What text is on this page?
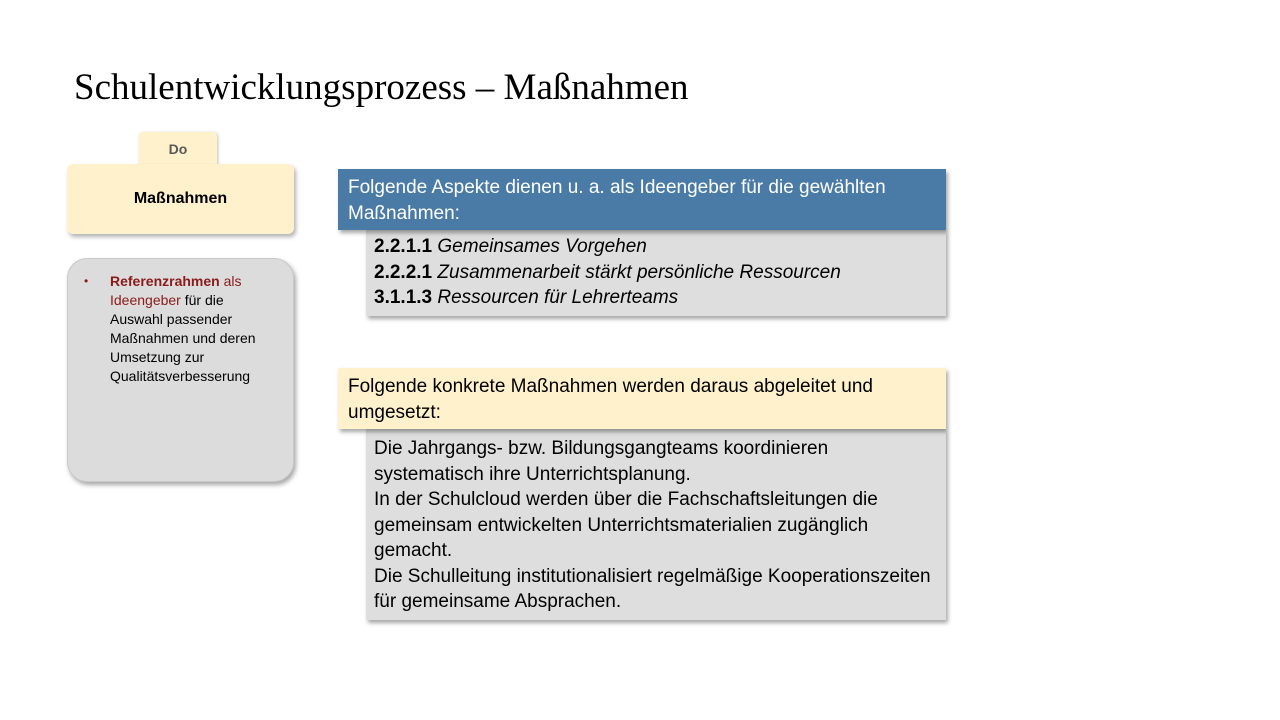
Schulentwicklungsprozess – Maßnahmen
Do
Maßnahmen
•	Referenzrahmen als Ideengeber für die Auswahl passender Maßnahmen und deren Umsetzung zur Qualitätsverbesserung
Folgende Aspekte dienen u. a. als Ideengeber für die gewählten Maßnahmen:
2.2.1.1 Gemeinsames Vorgehen
2.2.2.1 Zusammenarbeit stärkt persönliche Ressourcen
3.1.1.3 Ressourcen für Lehrerteams
Folgende konkrete Maßnahmen werden daraus abgeleitet und umgesetzt:
Die Jahrgangs- bzw. Bildungsgangteams koordinieren systematisch ihre Unterrichtsplanung.
In der Schulcloud werden über die Fachschaftsleitungen die gemeinsam entwickelten Unterrichtsmaterialien zugänglich gemacht.
Die Schulleitung institutionalisiert regelmäßige Kooperationszeiten für gemeinsame Absprachen.
